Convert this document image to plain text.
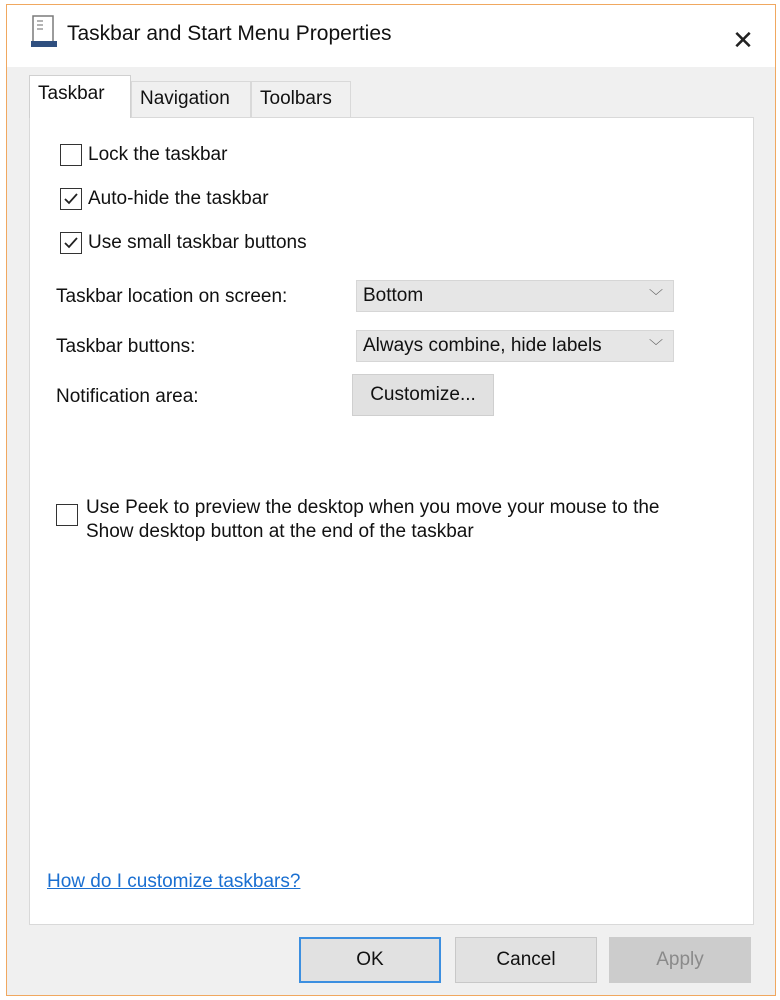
Taskbar and Start Menu Properties	✕
Taskbar	Navigation	Toolbars
Lock the taskbar
Auto-hide the taskbar
Use small taskbar buttons
Taskbar location on screen:	Bottom	﹀
Taskbar buttons:	Always combine, hide labels	﹀
Notification area:	Customize...
Use Peek to preview the desktop when you move your mouse to the
Show desktop button at the end of the taskbar
How do I customize taskbars?
OK	Cancel	Apply
